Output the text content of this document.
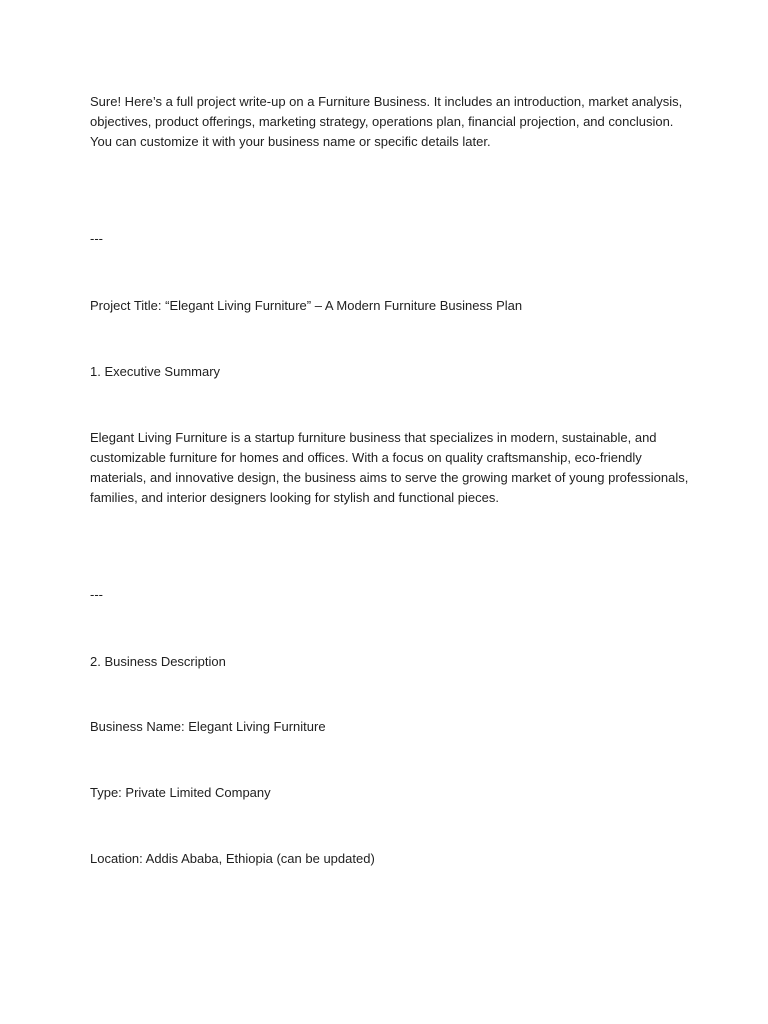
Sure! Here’s a full project write-up on a Furniture Business. It includes an introduction, market analysis,
objectives, product offerings, marketing strategy, operations plan, financial projection, and conclusion.
You can customize it with your business name or specific details later.

---

Project Title: “Elegant Living Furniture” – A Modern Furniture Business Plan

1. Executive Summary

Elegant Living Furniture is a startup furniture business that specializes in modern, sustainable, and
customizable furniture for homes and offices. With a focus on quality craftsmanship, eco-friendly
materials, and innovative design, the business aims to serve the growing market of young professionals,
families, and interior designers looking for stylish and functional pieces.

---

2. Business Description

Business Name: Elegant Living Furniture

Type: Private Limited Company

Location: Addis Ababa, Ethiopia (can be updated)
